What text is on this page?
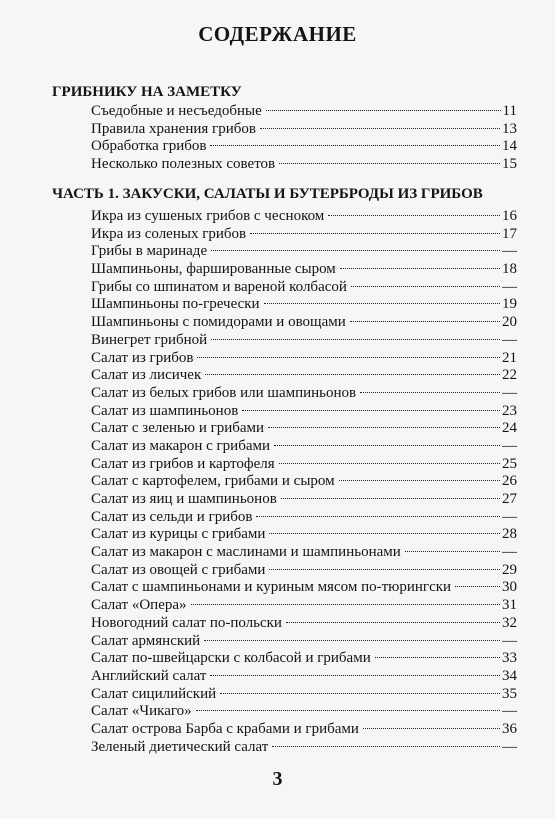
СОДЕРЖАНИЕ
ГРИБНИКУ НА ЗАМЕТКУ
Съедобные и несъедобные	11
Правила хранения грибов	13
Обработка грибов	14
Несколько полезных советов	15
ЧАСТЬ 1. ЗАКУСКИ, САЛАТЫ И БУТЕРБРОДЫ ИЗ ГРИБОВ
Икра из сушеных грибов с чесноком	16
Икра из соленых грибов	17
Грибы в маринаде	—
Шампиньоны, фаршированные сыром	18
Грибы со шпинатом и вареной колбасой	—
Шампиньоны по-гречески	19
Шампиньоны с помидорами и овощами	20
Винегрет грибной	—
Салат из грибов	21
Салат из лисичек	22
Салат из белых грибов или шампиньонов	—
Салат из шампиньонов	23
Салат с зеленью и грибами	24
Салат из макарон с грибами	—
Салат из грибов и картофеля	25
Салат с картофелем, грибами и сыром	26
Салат из яиц и шампиньонов	27
Салат из сельди и грибов	—
Салат из курицы с грибами	28
Салат из макарон с маслинами и шампиньонами	—
Салат из овощей с грибами	29
Салат с шампиньонами и куриным мясом по-тюрингски	30
Салат «Опера»	31
Новогодний салат по-польски	32
Салат армянский	—
Салат по-швейцарски с колбасой и грибами	33
Английский салат	34
Салат сицилийский	35
Салат «Чикаго»	—
Салат острова Барба с крабами и грибами	36
Зеленый диетический салат	—
3
